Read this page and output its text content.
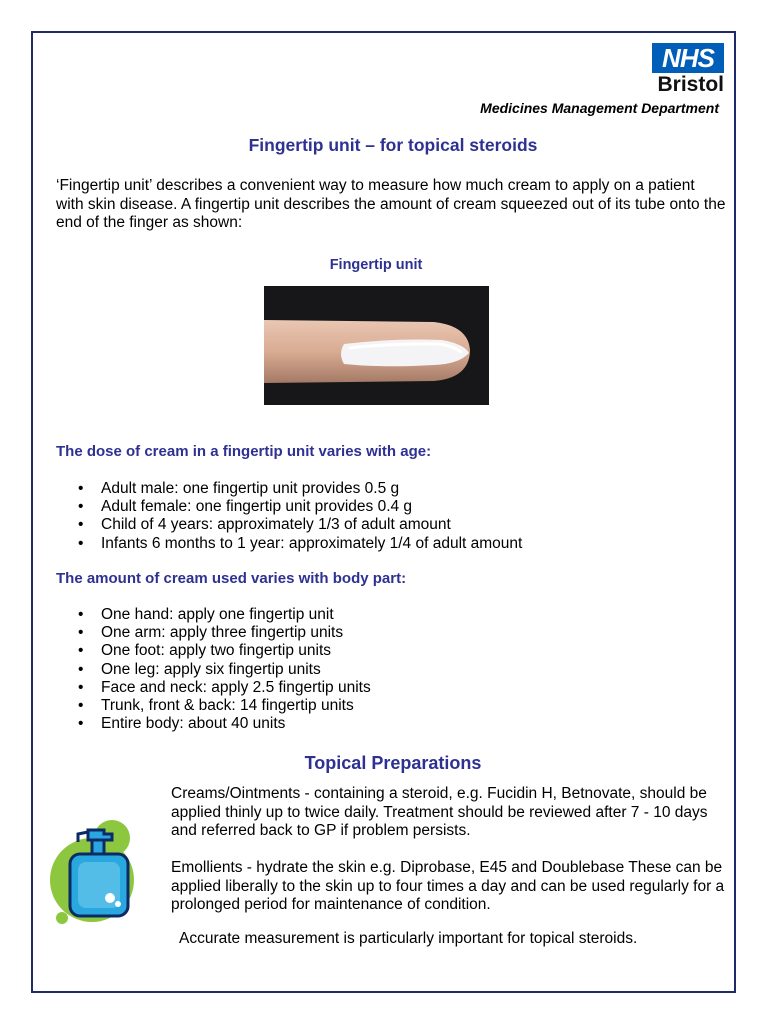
NHS
Bristol
Medicines Management Department
Fingertip unit – for topical steroids
‘Fingertip unit’ describes a convenient way to measure how much cream to apply on a patient with skin disease. A fingertip unit describes the amount of cream squeezed out of its tube onto the end of the finger as shown:
Fingertip unit
The dose of cream in a fingertip unit varies with age:
• Adult male: one fingertip unit provides 0.5 g
• Adult female: one fingertip unit provides 0.4 g
• Child of 4 years: approximately 1/3 of adult amount
• Infants 6 months to 1 year: approximately 1/4 of adult amount
The amount of cream used varies with body part:
• One hand: apply one fingertip unit
• One arm: apply three fingertip units
• One foot: apply two fingertip units
• One leg: apply six fingertip units
• Face and neck: apply 2.5 fingertip units
• Trunk, front & back: 14 fingertip units
• Entire body: about 40 units
Topical Preparations
Creams/Ointments - containing a steroid, e.g. Fucidin H, Betnovate, should be applied thinly up to twice daily. Treatment should be reviewed after 7 - 10 days and referred back to GP if problem persists.
Emollients - hydrate the skin e.g. Diprobase, E45 and Doublebase These can be applied liberally to the skin up to four times a day and can be used regularly for a prolonged period for maintenance of condition.
Accurate measurement is particularly important for topical steroids.
